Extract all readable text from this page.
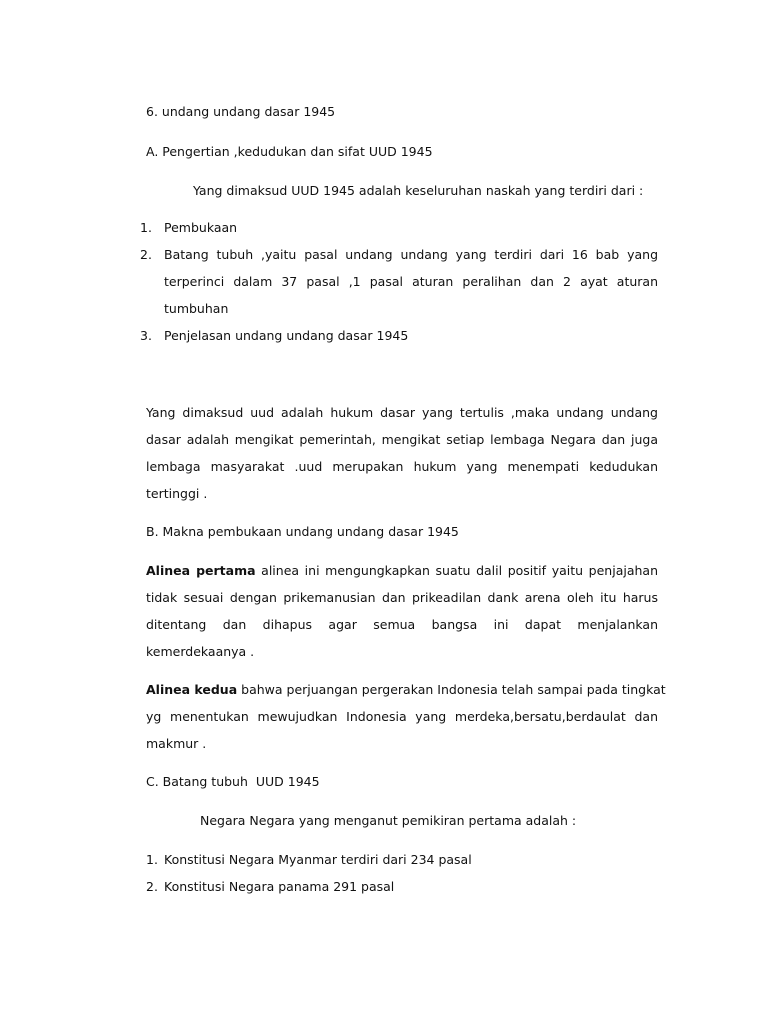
6. undang undang dasar 1945
A. Pengertian ,kedudukan dan sifat UUD 1945
Yang dimaksud UUD 1945 adalah keseluruhan naskah yang terdiri dari :
1. Pembukaan
2. Batang tubuh ,yaitu pasal undang undang yang terdiri dari 16 bab yang
terperinci dalam 37 pasal ,1 pasal aturan peralihan dan 2 ayat aturan
tumbuhan
3. Penjelasan undang undang dasar 1945
Yang dimaksud uud adalah hukum dasar yang tertulis ,maka undang undang
dasar adalah mengikat pemerintah, mengikat setiap lembaga Negara dan juga
lembaga masyarakat .uud merupakan hukum yang menempati kedudukan
tertinggi .
B. Makna pembukaan undang undang dasar 1945
Alinea pertama alinea ini mengungkapkan suatu dalil positif yaitu penjajahan
tidak sesuai dengan prikemanusian dan prikeadilan dank arena oleh itu harus
ditentang dan dihapus agar semua bangsa ini dapat menjalankan
kemerdekaanya .
Alinea kedua bahwa perjuangan pergerakan Indonesia telah sampai pada tingkat
yg menentukan mewujudkan Indonesia yang merdeka,bersatu,berdaulat dan
makmur .
C. Batang tubuh  UUD 1945
Negara Negara yang menganut pemikiran pertama adalah :
1. Konstitusi Negara Myanmar terdiri dari 234 pasal
2. Konstitusi Negara panama 291 pasal
